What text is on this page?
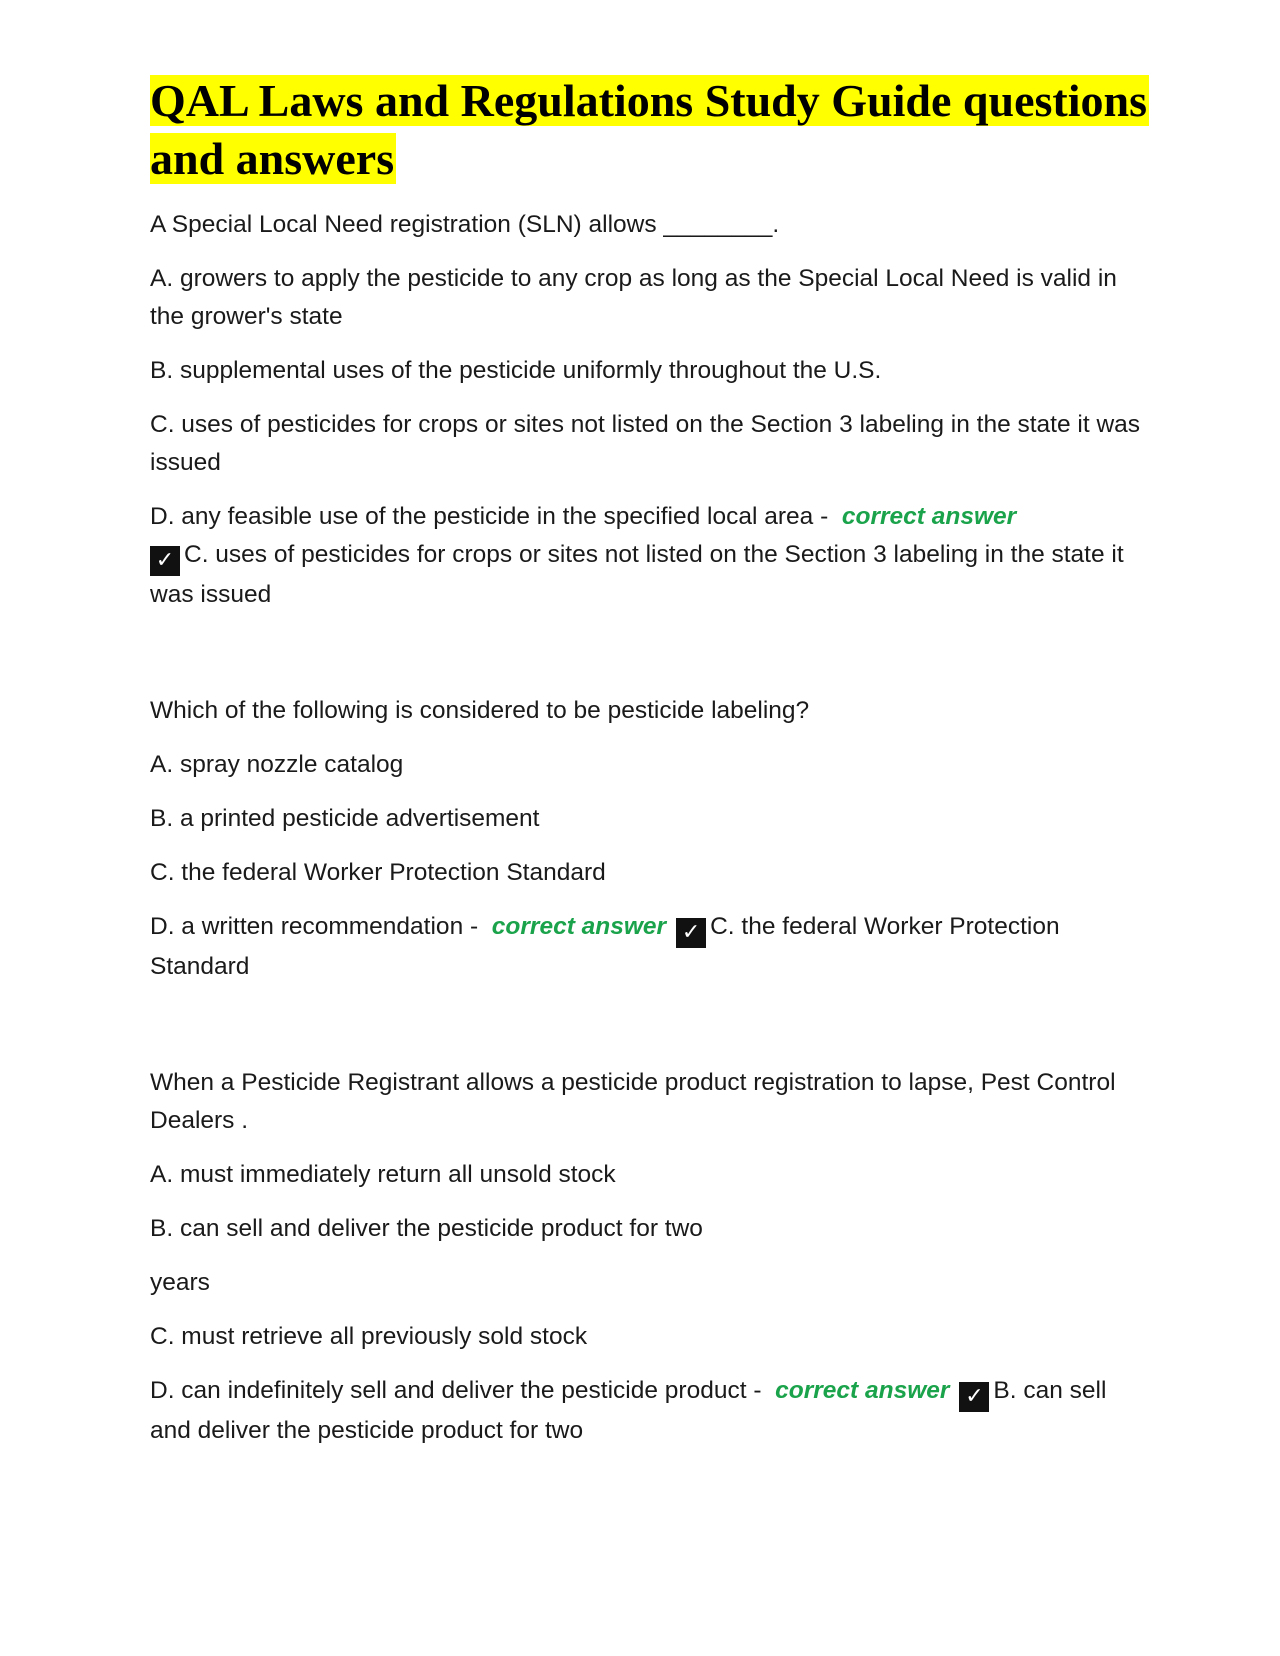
QAL Laws and Regulations Study Guide questions and answers

A Special Local Need registration (SLN) allows ________.

A. growers to apply the pesticide to any crop as long as the Special Local Need is valid in the grower's state

B. supplemental uses of the pesticide uniformly throughout the U.S.

C. uses of pesticides for crops or sites not listed on the Section 3 labeling in the state it was issued

D. any feasible use of the pesticide in the specified local area - correct answer
✓ C. uses of pesticides for crops or sites not listed on the Section 3 labeling in the state it was issued

Which of the following is considered to be pesticide labeling?

A. spray nozzle catalog

B. a printed pesticide advertisement

C. the federal Worker Protection Standard

D. a written recommendation - correct answer ✓ C. the federal Worker Protection Standard

When a Pesticide Registrant allows a pesticide product registration to lapse, Pest Control Dealers .

A. must immediately return all unsold stock

B. can sell and deliver the pesticide product for two

years

C. must retrieve all previously sold stock

D. can indefinitely sell and deliver the pesticide product - correct answer ✓ B. can sell and deliver the pesticide product for two
